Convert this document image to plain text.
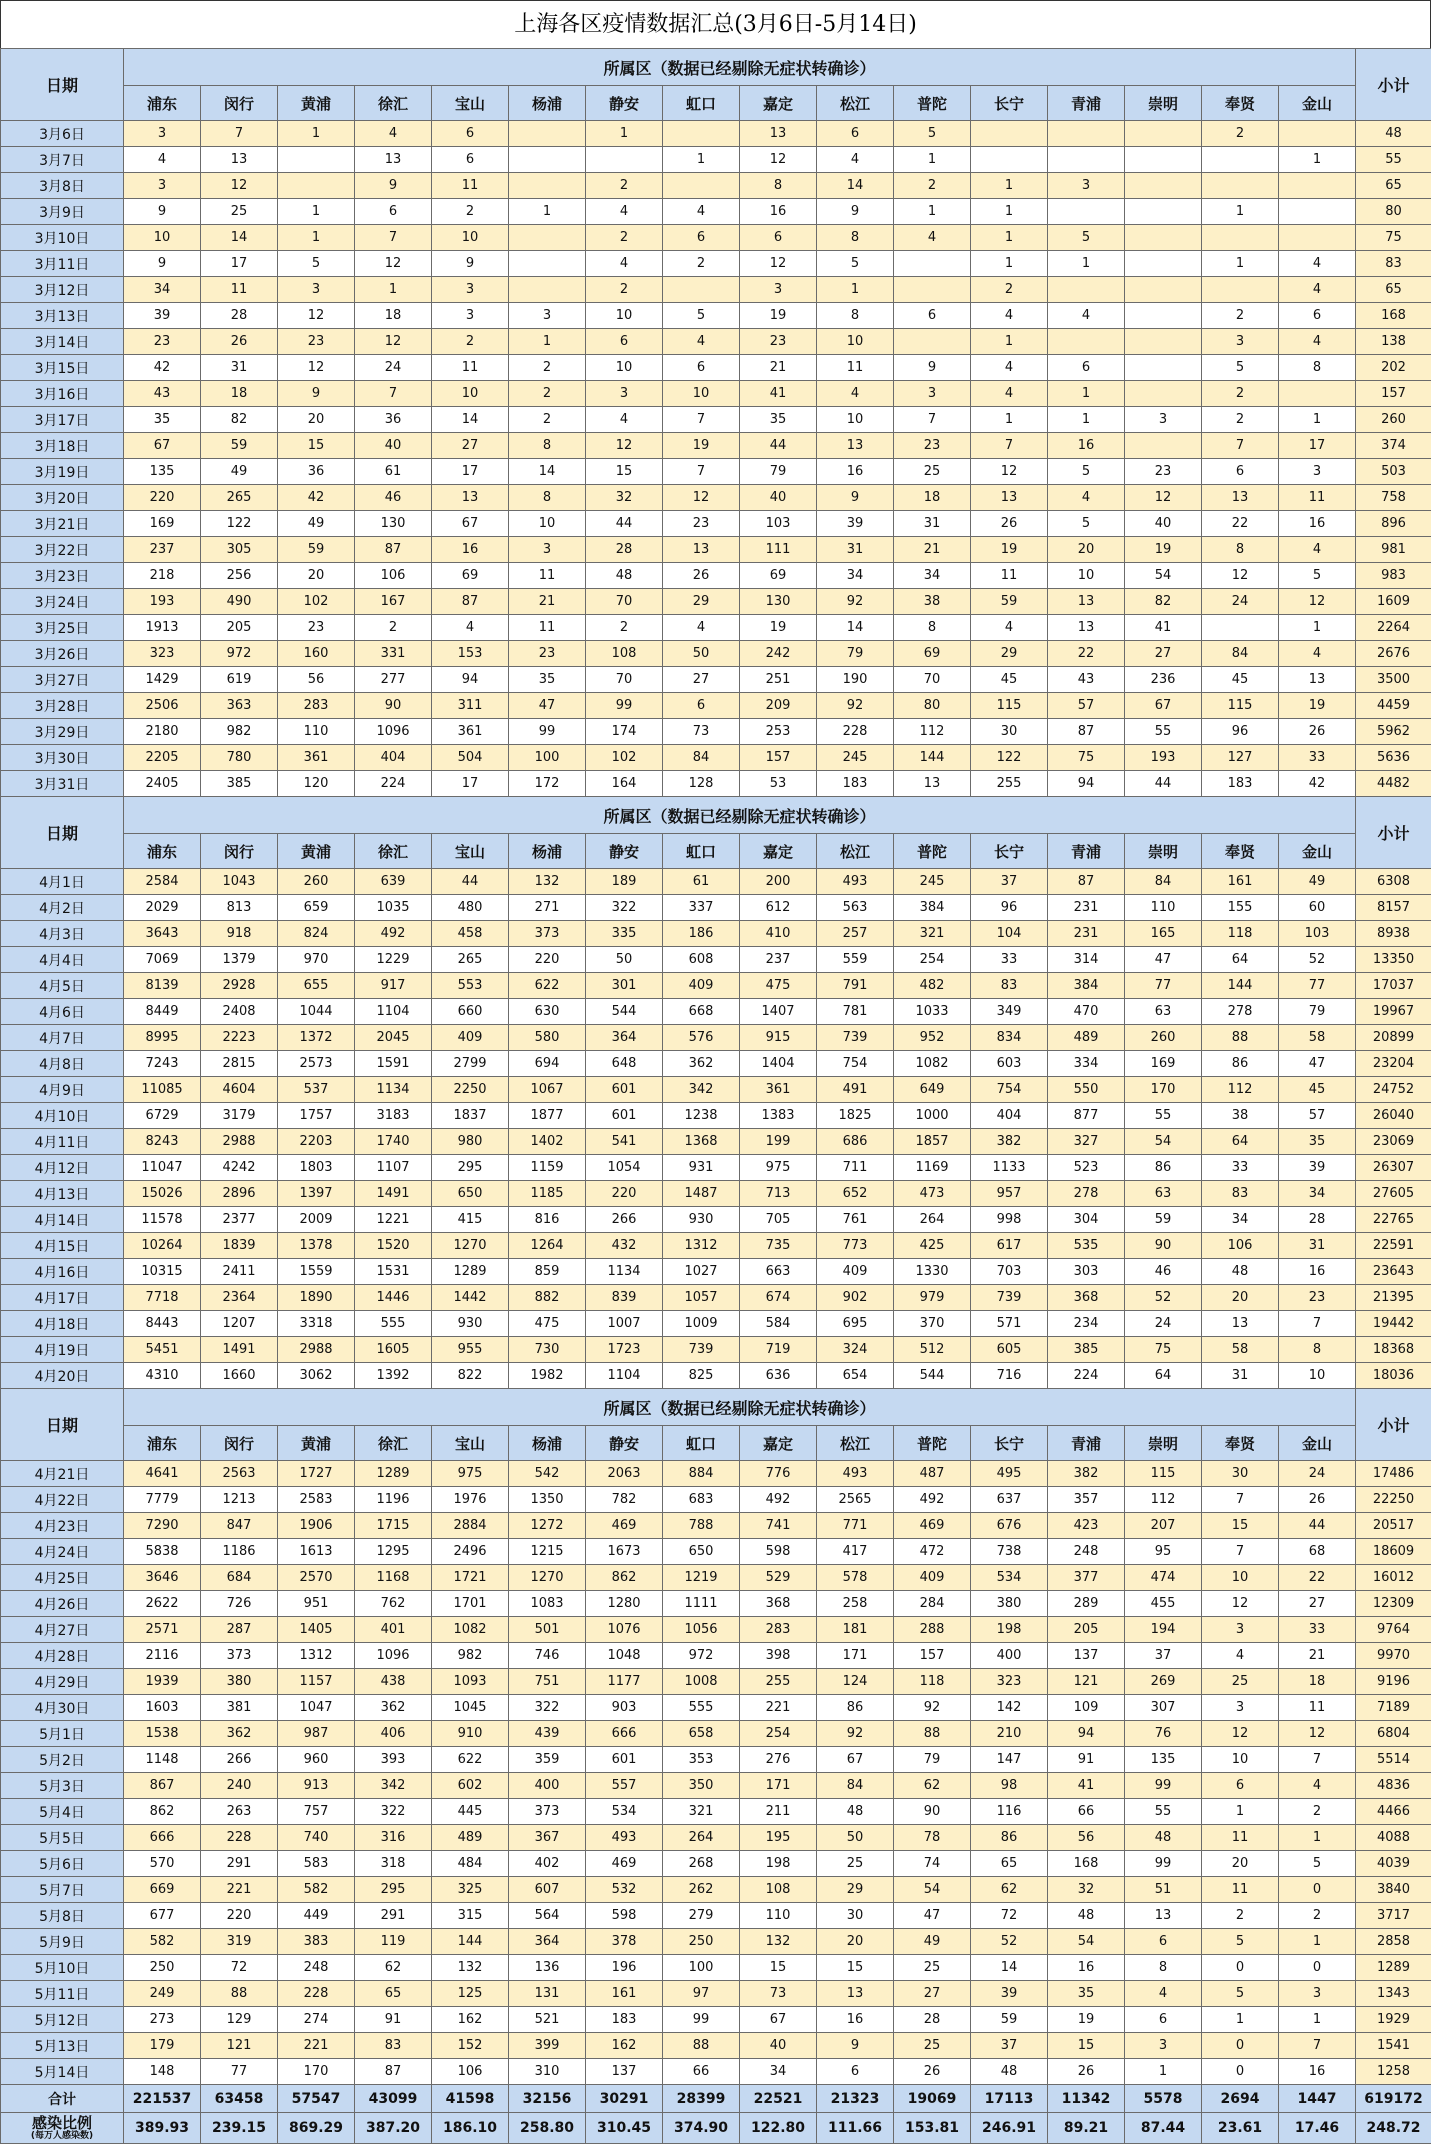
上海各区疫情数据汇总(3月6日-5月14日)
日期	所属区（数据已经剔除无症状转确诊）																小计
	浦东	闵行	黄浦	徐汇	宝山	杨浦	静安	虹口	嘉定	松江	普陀	长宁	青浦	崇明	奉贤	金山	
3月6日	3	7	1	4	6		1		13	6	5				2		48
3月7日	4	13		13	6			1	12	4	1					1	55
3月8日	3	12		9	11		2		8	14	2	1	3				65
3月9日	9	25	1	6	2	1	4	4	16	9	1	1			1		80
3月10日	10	14	1	7	10		2	6	6	8	4	1	5				75
3月11日	9	17	5	12	9		4	2	12	5		1	1		1	4	83
3月12日	34	11	3	1	3		2		3	1		2				4	65
3月13日	39	28	12	18	3	3	10	5	19	8	6	4	4		2	6	168
3月14日	23	26	23	12	2	1	6	4	23	10		1			3	4	138
3月15日	42	31	12	24	11	2	10	6	21	11	9	4	6		5	8	202
3月16日	43	18	9	7	10	2	3	10	41	4	3	4	1		2		157
3月17日	35	82	20	36	14	2	4	7	35	10	7	1	1	3	2	1	260
3月18日	67	59	15	40	27	8	12	19	44	13	23	7	16		7	17	374
3月19日	135	49	36	61	17	14	15	7	79	16	25	12	5	23	6	3	503
3月20日	220	265	42	46	13	8	32	12	40	9	18	13	4	12	13	11	758
3月21日	169	122	49	130	67	10	44	23	103	39	31	26	5	40	22	16	896
3月22日	237	305	59	87	16	3	28	13	111	31	21	19	20	19	8	4	981
3月23日	218	256	20	106	69	11	48	26	69	34	34	11	10	54	12	5	983
3月24日	193	490	102	167	87	21	70	29	130	92	38	59	13	82	24	12	1609
3月25日	1913	205	23	2	4	11	2	4	19	14	8	4	13	41		1	2264
3月26日	323	972	160	331	153	23	108	50	242	79	69	29	22	27	84	4	2676
3月27日	1429	619	56	277	94	35	70	27	251	190	70	45	43	236	45	13	3500
3月28日	2506	363	283	90	311	47	99	6	209	92	80	115	57	67	115	19	4459
3月29日	2180	982	110	1096	361	99	174	73	253	228	112	30	87	55	96	26	5962
3月30日	2205	780	361	404	504	100	102	84	157	245	144	122	75	193	127	33	5636
3月31日	2405	385	120	224	17	172	164	128	53	183	13	255	94	44	183	42	4482
日期	所属区（数据已经剔除无症状转确诊）																小计
	浦东	闵行	黄浦	徐汇	宝山	杨浦	静安	虹口	嘉定	松江	普陀	长宁	青浦	崇明	奉贤	金山	
4月1日	2584	1043	260	639	44	132	189	61	200	493	245	37	87	84	161	49	6308
4月2日	2029	813	659	1035	480	271	322	337	612	563	384	96	231	110	155	60	8157
4月3日	3643	918	824	492	458	373	335	186	410	257	321	104	231	165	118	103	8938
4月4日	7069	1379	970	1229	265	220	50	608	237	559	254	33	314	47	64	52	13350
4月5日	8139	2928	655	917	553	622	301	409	475	791	482	83	384	77	144	77	17037
4月6日	8449	2408	1044	1104	660	630	544	668	1407	781	1033	349	470	63	278	79	19967
4月7日	8995	2223	1372	2045	409	580	364	576	915	739	952	834	489	260	88	58	20899
4月8日	7243	2815	2573	1591	2799	694	648	362	1404	754	1082	603	334	169	86	47	23204
4月9日	11085	4604	537	1134	2250	1067	601	342	361	491	649	754	550	170	112	45	24752
4月10日	6729	3179	1757	3183	1837	1877	601	1238	1383	1825	1000	404	877	55	38	57	26040
4月11日	8243	2988	2203	1740	980	1402	541	1368	199	686	1857	382	327	54	64	35	23069
4月12日	11047	4242	1803	1107	295	1159	1054	931	975	711	1169	1133	523	86	33	39	26307
4月13日	15026	2896	1397	1491	650	1185	220	1487	713	652	473	957	278	63	83	34	27605
4月14日	11578	2377	2009	1221	415	816	266	930	705	761	264	998	304	59	34	28	22765
4月15日	10264	1839	1378	1520	1270	1264	432	1312	735	773	425	617	535	90	106	31	22591
4月16日	10315	2411	1559	1531	1289	859	1134	1027	663	409	1330	703	303	46	48	16	23643
4月17日	7718	2364	1890	1446	1442	882	839	1057	674	902	979	739	368	52	20	23	21395
4月18日	8443	1207	3318	555	930	475	1007	1009	584	695	370	571	234	24	13	7	19442
4月19日	5451	1491	2988	1605	955	730	1723	739	719	324	512	605	385	75	58	8	18368
4月20日	4310	1660	3062	1392	822	1982	1104	825	636	654	544	716	224	64	31	10	18036
日期	所属区（数据已经剔除无症状转确诊）																小计
	浦东	闵行	黄浦	徐汇	宝山	杨浦	静安	虹口	嘉定	松江	普陀	长宁	青浦	崇明	奉贤	金山	
4月21日	4641	2563	1727	1289	975	542	2063	884	776	493	487	495	382	115	30	24	17486
4月22日	7779	1213	2583	1196	1976	1350	782	683	492	2565	492	637	357	112	7	26	22250
4月23日	7290	847	1906	1715	2884	1272	469	788	741	771	469	676	423	207	15	44	20517
4月24日	5838	1186	1613	1295	2496	1215	1673	650	598	417	472	738	248	95	7	68	18609
4月25日	3646	684	2570	1168	1721	1270	862	1219	529	578	409	534	377	474	10	22	16012
4月26日	2622	726	951	762	1701	1083	1280	1111	368	258	284	380	289	455	12	27	12309
4月27日	2571	287	1405	401	1082	501	1076	1056	283	181	288	198	205	194	3	33	9764
4月28日	2116	373	1312	1096	982	746	1048	972	398	171	157	400	137	37	4	21	9970
4月29日	1939	380	1157	438	1093	751	1177	1008	255	124	118	323	121	269	25	18	9196
4月30日	1603	381	1047	362	1045	322	903	555	221	86	92	142	109	307	3	11	7189
5月1日	1538	362	987	406	910	439	666	658	254	92	88	210	94	76	12	12	6804
5月2日	1148	266	960	393	622	359	601	353	276	67	79	147	91	135	10	7	5514
5月3日	867	240	913	342	602	400	557	350	171	84	62	98	41	99	6	4	4836
5月4日	862	263	757	322	445	373	534	321	211	48	90	116	66	55	1	2	4466
5月5日	666	228	740	316	489	367	493	264	195	50	78	86	56	48	11	1	4088
5月6日	570	291	583	318	484	402	469	268	198	25	74	65	168	99	20	5	4039
5月7日	669	221	582	295	325	607	532	262	108	29	54	62	32	51	11	0	3840
5月8日	677	220	449	291	315	564	598	279	110	30	47	72	48	13	2	2	3717
5月9日	582	319	383	119	144	364	378	250	132	20	49	52	54	6	5	1	2858
5月10日	250	72	248	62	132	136	196	100	15	15	25	14	16	8	0	0	1289
5月11日	249	88	228	65	125	131	161	97	73	13	27	39	35	4	5	3	1343
5月12日	273	129	274	91	162	521	183	99	67	16	28	59	19	6	1	1	1929
5月13日	179	121	221	83	152	399	162	88	40	9	25	37	15	3	0	7	1541
5月14日	148	77	170	87	106	310	137	66	34	6	26	48	26	1	0	16	1258
合计	221537	63458	57547	43099	41598	32156	30291	28399	22521	21323	19069	17113	11342	5578	2694	1447	619172

感染比例
(每万人感染数)	389.93	239.15	869.29	387.20	186.10	258.80	310.45	374.90	122.80	111.66	153.81	246.91	89.21	87.44	23.61	17.46	248.72
